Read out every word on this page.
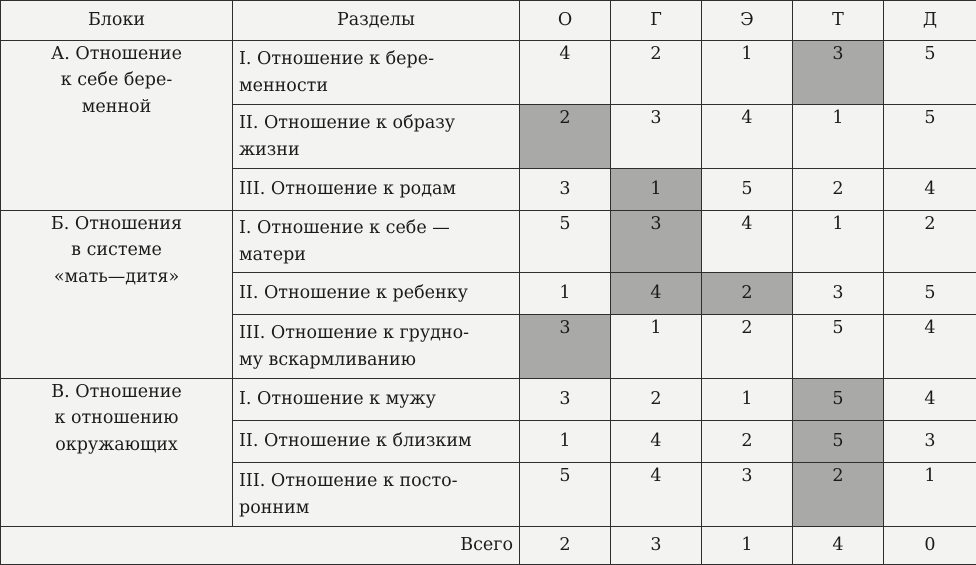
Блоки	Разделы	О	Г	Э	Т	Д

А. Отношение
к себе бере-
менной	I. Отношение к бере-
менности	4	2	1	3	5

	II. Отношение к образу
жизни	2	3	4	1	5

	III. Отношение к родам	3	1	5	2	4

Б. Отношения
в системе
«мать—дитя»	I. Отношение к себе —
матери	5	3	4	1	2

	II. Отношение к ребенку	1	4	2	3	5

	III. Отношение к грудно-
му вскармливанию	3	1	2	5	4

В. Отношение
к отношению
окружающих	I. Отношение к мужу	3	2	1	5	4

	II. Отношение к близким	1	4	2	5	3

	III. Отношение к посто-
ронним	5	4	3	2	1
Всего		2	3	1	4	0
